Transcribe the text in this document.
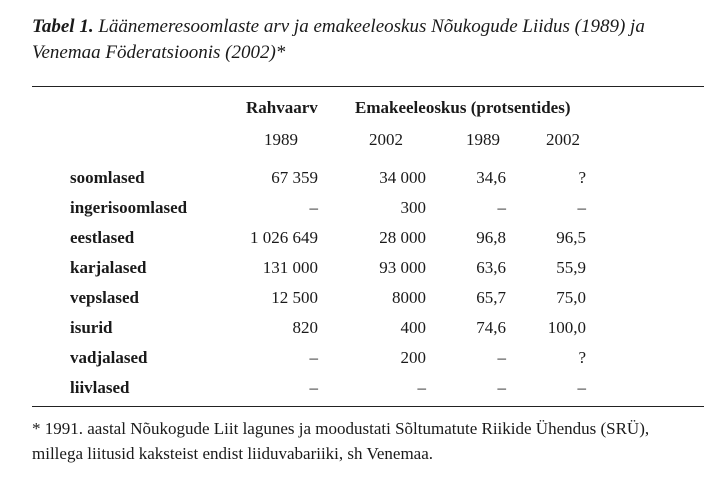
Tabel 1. Läänemeresoomlaste arv ja emakeeleoskus Nõukogude Liidus (1989) ja Venemaa Föderatsioonis (2002)*
Rahvaarv Emakeeleoskus (protsentides)
1989	2002	1989	2002
soomlased	67 359	34 000	34,6	?
ingerisoomlased	–	300	–	–
eestlased	1 026 649	28 000	96,8	96,5
karjalased	131 000	93 000	63,6	55,9
vepslased	12 500	8000	65,7	75,0
isurid	820	400	74,6	100,0
vadjalased	–	200	–	?
liivlased	–	–	–	–
* 1991. aastal Nõukogude Liit lagunes ja moodustati Sõltumatute Riikide Ühendus (SRÜ), millega liitusid kaksteist endist liiduvabariiki, sh Venemaa.
